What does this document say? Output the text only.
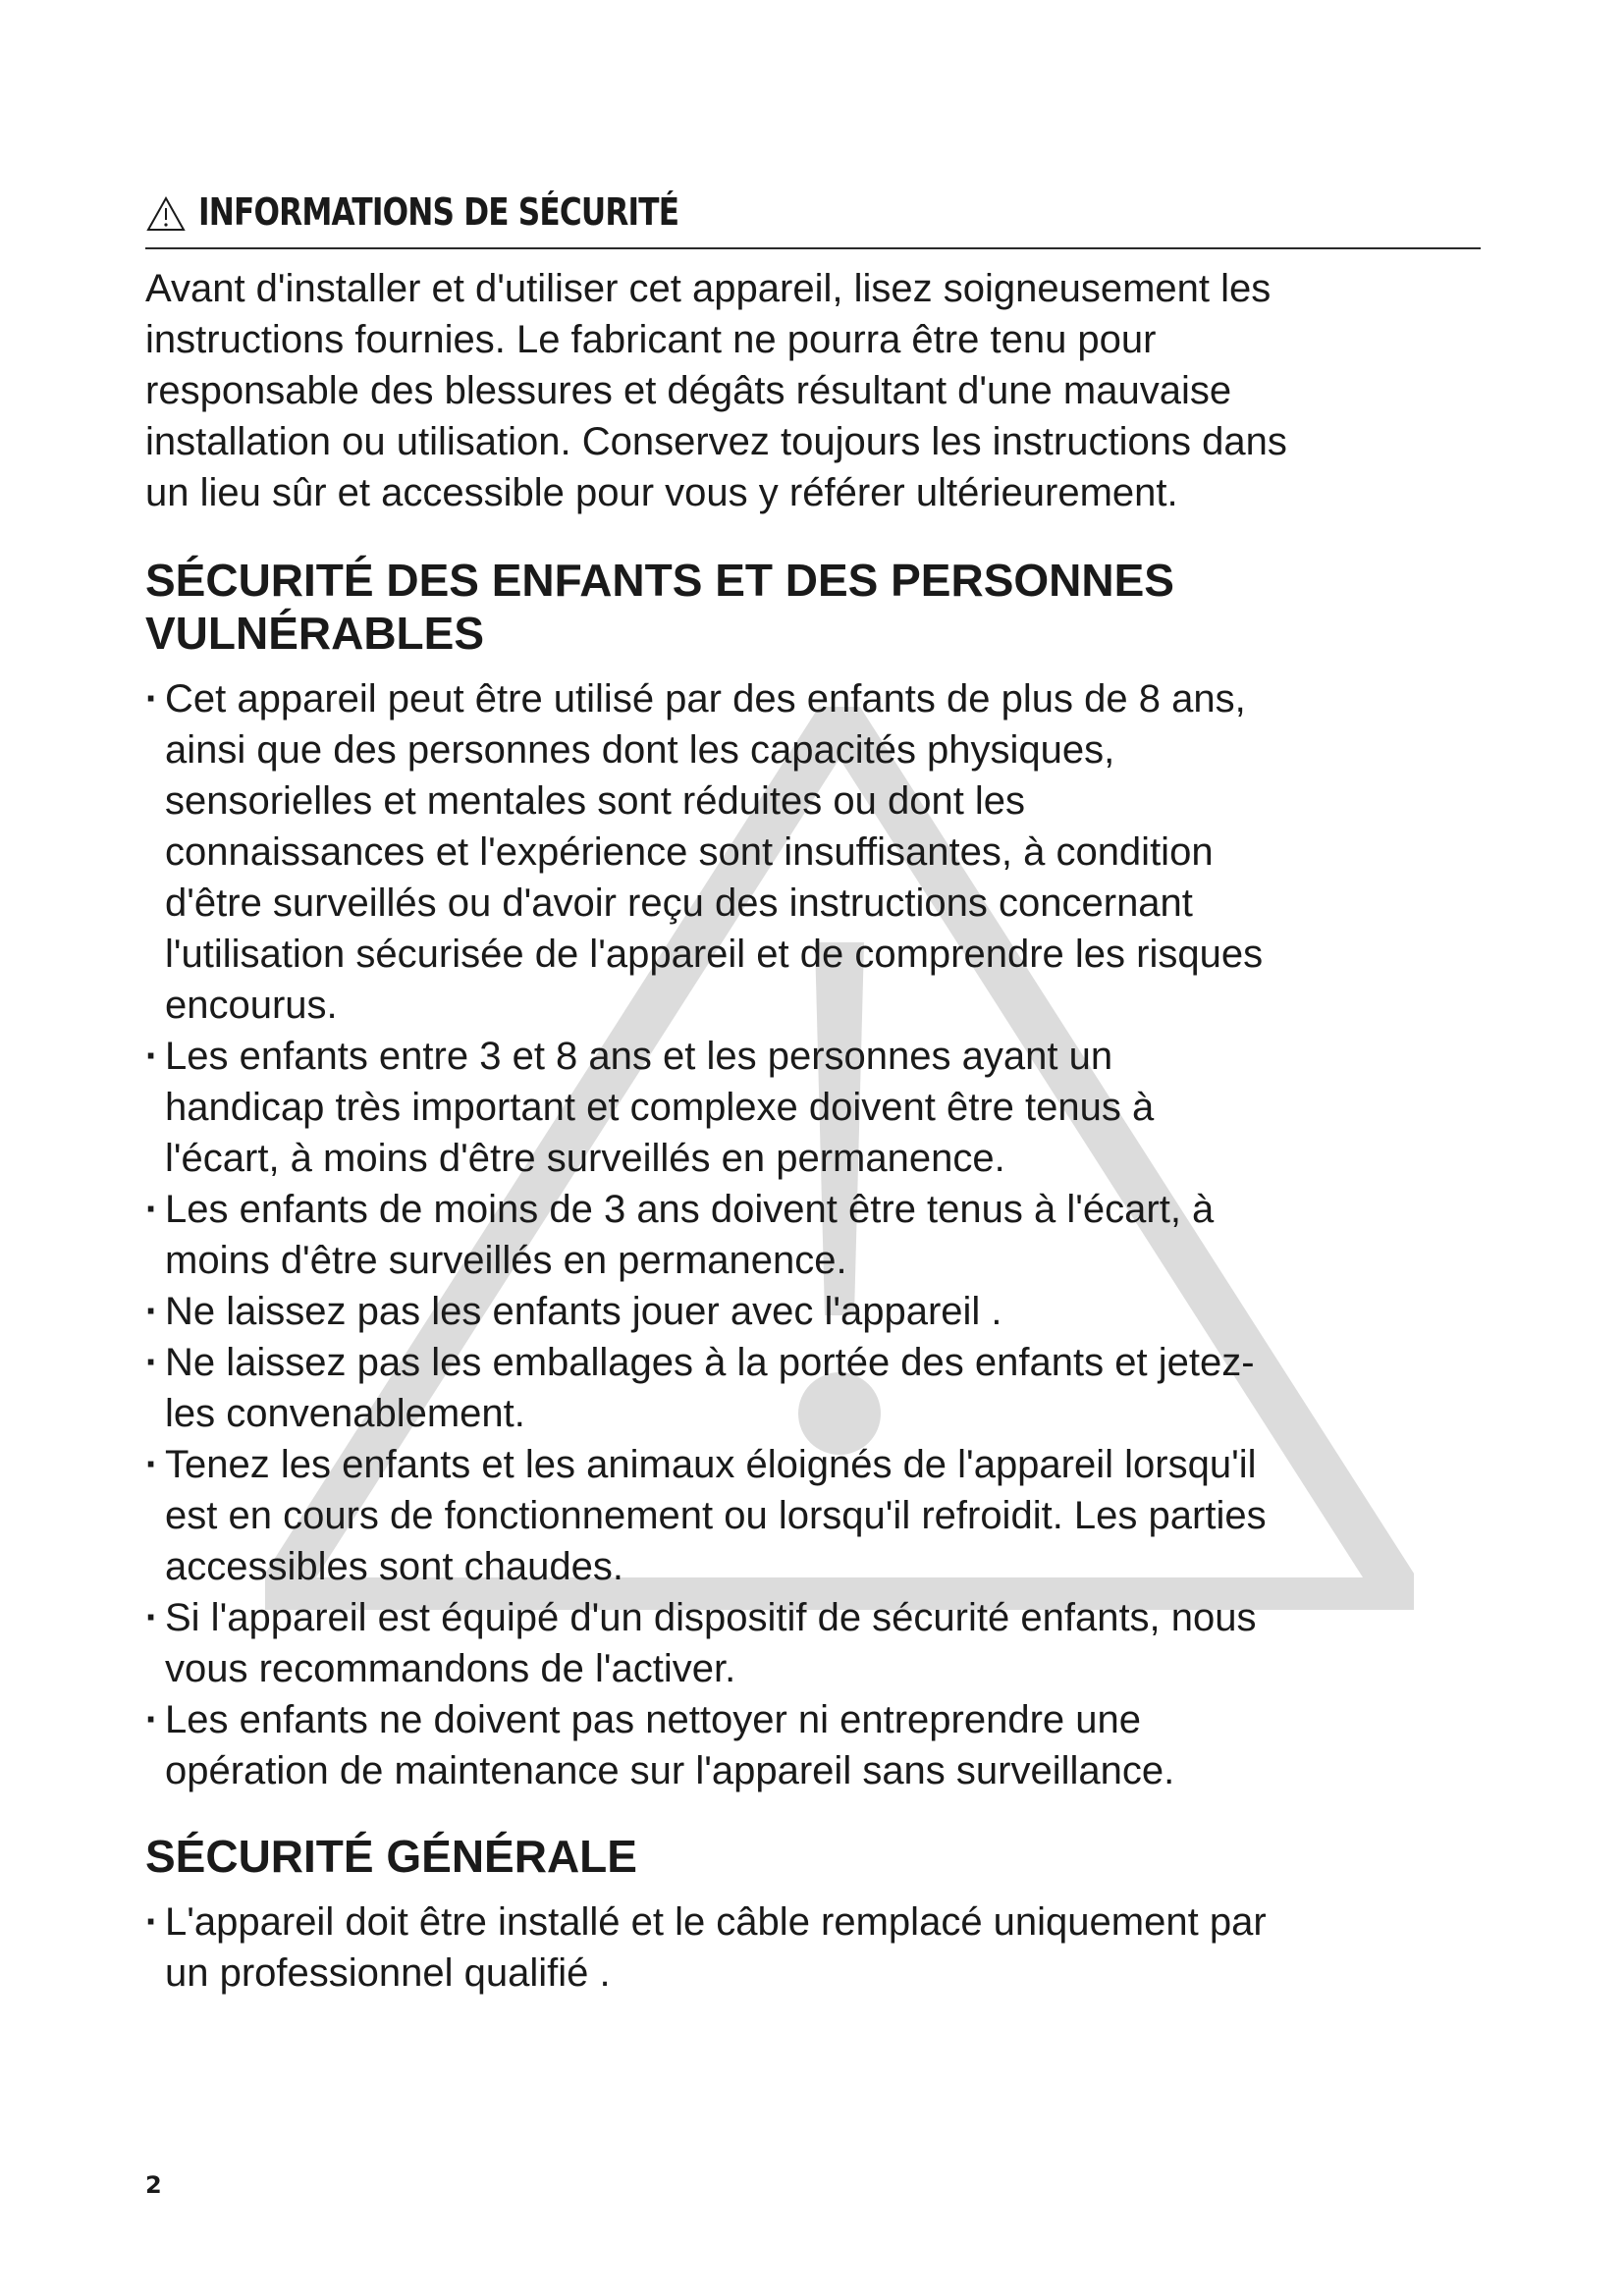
INFORMATIONS DE SÉCURITÉ
Avant d'installer et d'utiliser cet appareil, lisez soigneusement les
instructions fournies. Le fabricant ne pourra être tenu pour
responsable des blessures et dégâts résultant d'une mauvaise
installation ou utilisation. Conservez toujours les instructions dans
un lieu sûr et accessible pour vous y référer ultérieurement.
SÉCURITÉ DES ENFANTS ET DES PERSONNES
VULNÉRABLES
· Cet appareil peut être utilisé par des enfants de plus de 8 ans,
ainsi que des personnes dont les capacités physiques,
sensorielles et mentales sont réduites ou dont les
connaissances et l'expérience sont insuffisantes, à condition
d'être surveillés ou d'avoir reçu des instructions concernant
l'utilisation sécurisée de l'appareil et de comprendre les risques
encourus.
· Les enfants entre 3 et 8 ans et les personnes ayant un
handicap très important et complexe doivent être tenus à
l'écart, à moins d'être surveillés en permanence.
· Les enfants de moins de 3 ans doivent être tenus à l'écart, à
moins d'être surveillés en permanence.
· Ne laissez pas les enfants jouer avec l'appareil .
· Ne laissez pas les emballages à la portée des enfants et jetez-
les convenablement.
· Tenez les enfants et les animaux éloignés de l'appareil lorsqu'il
est en cours de fonctionnement ou lorsqu'il refroidit. Les parties
accessibles sont chaudes.
· Si l'appareil est équipé d'un dispositif de sécurité enfants, nous
vous recommandons de l'activer.
· Les enfants ne doivent pas nettoyer ni entreprendre une
opération de maintenance sur l'appareil sans surveillance.
SÉCURITÉ GÉNÉRALE
· L'appareil doit être installé et le câble remplacé uniquement par
un professionnel qualifié .
2
